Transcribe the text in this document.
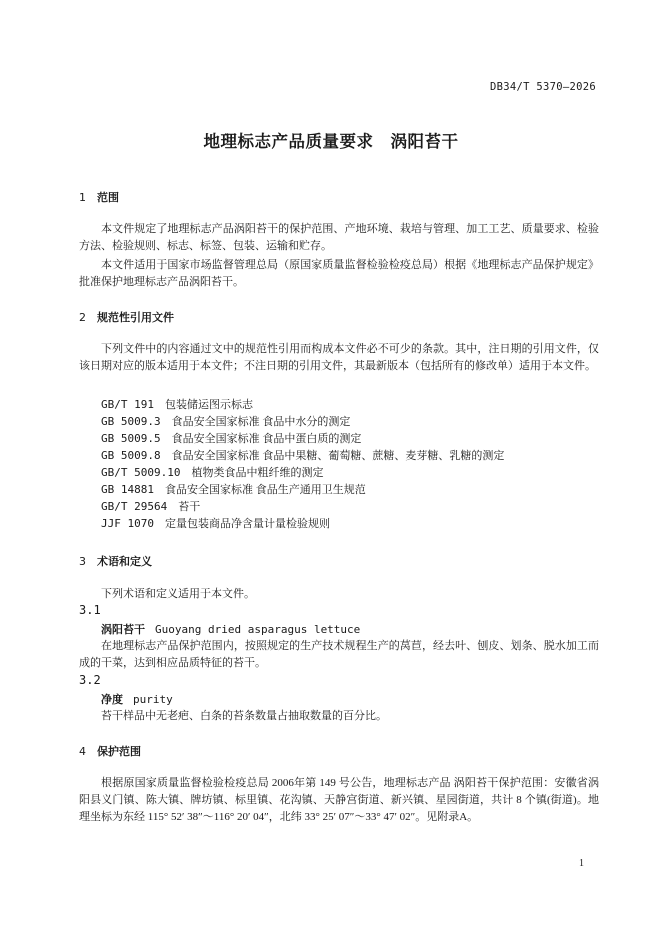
DB34/T 5370—2026
地理标志产品质量要求　涡阳苔干
1 范围
本文件规定了地理标志产品涡阳苔干的保护范围、产地环境、栽培与管理、加工工艺、质量要求、检验方法、检验规则、标志、标签、包装、运输和贮存。
本文件适用于国家市场监督管理总局（原国家质量监督检验检疫总局）根据《地理标志产品保护规定》批准保护地理标志产品涡阳苔干。
2 规范性引用文件
下列文件中的内容通过文中的规范性引用而构成本文件必不可少的条款。其中，注日期的引用文件，仅该日期对应的版本适用于本文件；不注日期的引用文件，其最新版本（包括所有的修改单）适用于本文件。
GB/T 191　 包装储运图示标志
GB 5009.3　 食品安全国家标准 食品中水分的测定
GB 5009.5　 食品安全国家标准 食品中蛋白质的测定
GB 5009.8　 食品安全国家标准 食品中果糖、葡萄糖、蔗糖、麦芽糖、乳糖的测定
GB/T 5009.10　 植物类食品中粗纤维的测定
GB 14881　 食品安全国家标准 食品生产通用卫生规范
GB/T 29564　 苔干
JJF 1070　 定量包装商品净含量计量检验规则
3 术语和定义
下列术语和定义适用于本文件。
3.1
涡阳苔干 Guoyang dried asparagus lettuce
在地理标志产品保护范围内，按照规定的生产技术规程生产的莴苣，经去叶、刨皮、划条、脱水加工而成的干菜，达到相应品质特征的苔干。
3.2
净度 purity
苔干样品中无老疤、白条的苔条数量占抽取数量的百分比。
4 保护范围
根据原国家质量监督检验检疫总局 2006年第 149 号公告，地理标志产品 涡阳苔干保护范围：安徽省涡阳县义门镇、陈大镇、牌坊镇、标里镇、花沟镇、天静宫街道、新兴镇、星园街道，共计 8 个镇(街道)。地理坐标为东经 115° 52′ 38″～116° 20′ 04″，北纬 33° 25′ 07″～33° 47′ 02″。见附录A。
1
